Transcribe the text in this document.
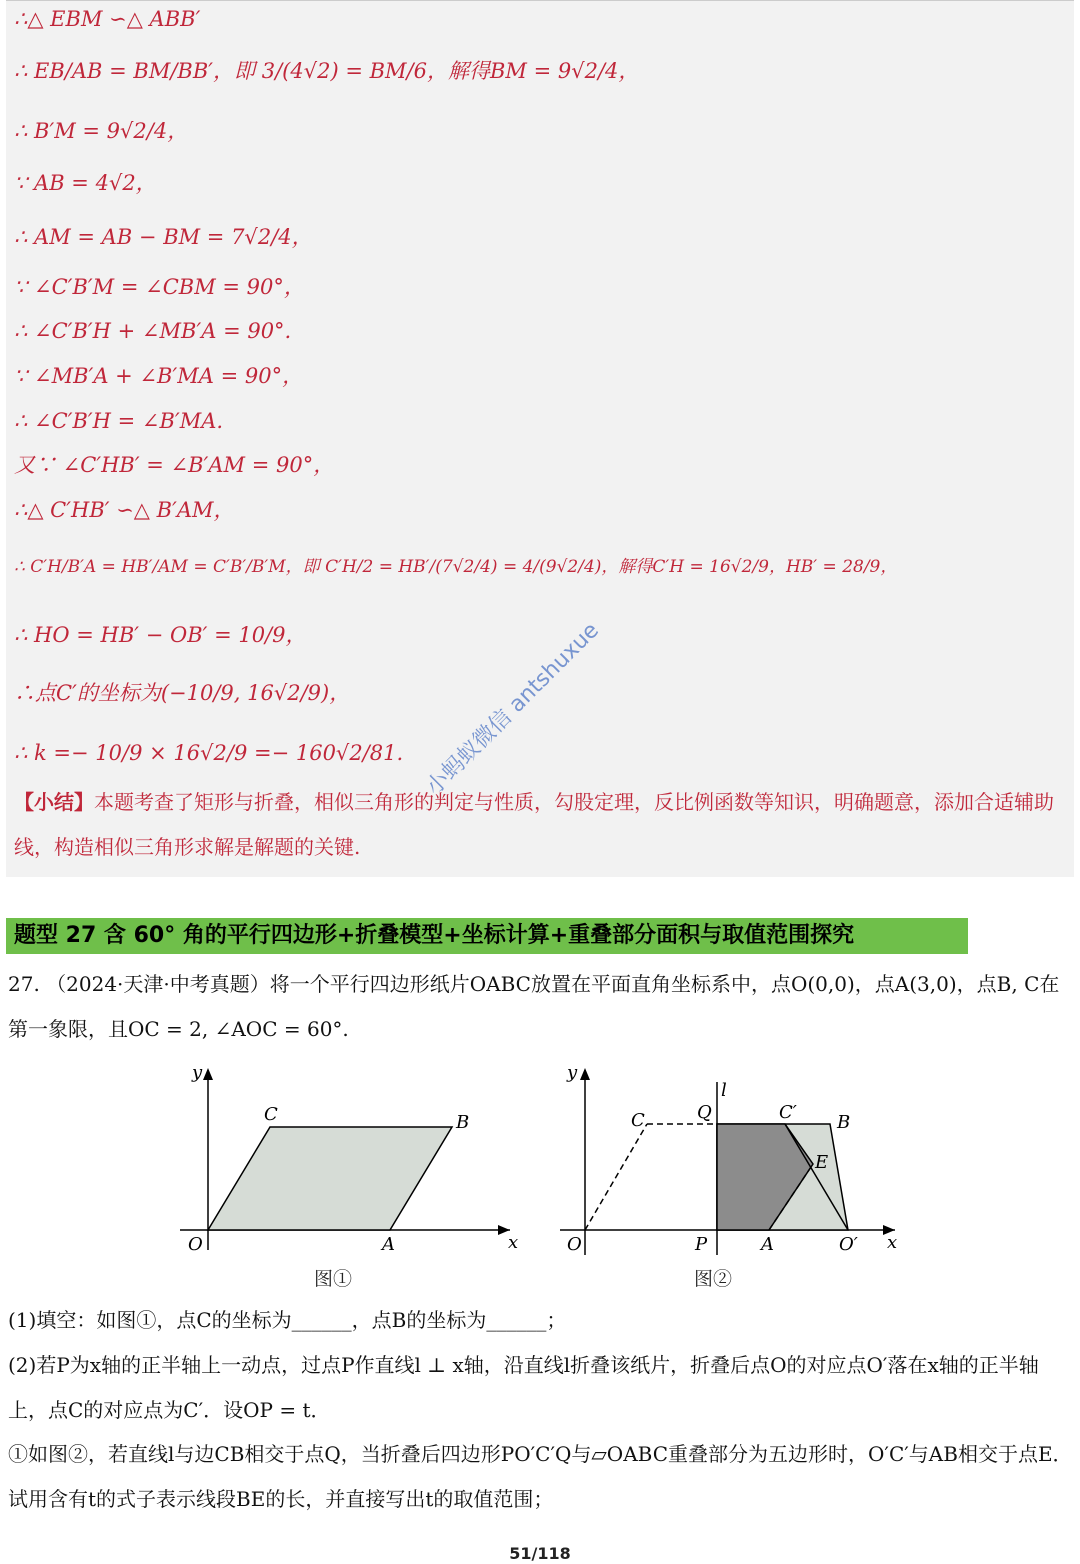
∴△ EBM ∽△ ABB′
∴ EB/AB = BM/BB′，即 3/(4√2) = BM/6，解得BM = 9√2/4，
∴ B′M = 9√2/4，
∵ AB = 4√2，
∴ AM = AB − BM = 7√2/4，
∵ ∠C′B′M = ∠CBM = 90°，
∴ ∠C′B′H + ∠MB′A = 90°.
∵ ∠MB′A + ∠B′MA = 90°，
∴ ∠C′B′H = ∠B′MA.
又∵ ∠C′HB′ = ∠B′AM = 90°，
∴△ C′HB′ ∽△ B′AM，
∴ C′H/B′A = HB′/AM = C′B′/B′M，即 C′H/2 = HB′/(7√2/4) = 4/(9√2/4)，解得C′H = 16√2/9，HB′ = 28/9，
∴ HO = HB′ − OB′ = 10/9，
∴点C′的坐标为(−10/9, 16√2/9)，
∴ k =− 10/9 × 16√2/9 =− 160√2/81.
【小结】本题考查了矩形与折叠，相似三角形的判定与性质，勾股定理，反比例函数等知识，明确题意，添加合适辅助线，构造相似三角形求解是解题的关键.
小蚂蚁微信 antshuxue
题型 27 含 60° 角的平行四边形+折叠模型+坐标计算+重叠部分面积与取值范围探究
27. （2024·天津·中考真题）将一个平行四边形纸片OABC放置在平面直角坐标系中，点O(0,0)，点A(3,0)，点B, C在第一象限，且OC = 2, ∠AOC = 60°.
y
x
O	A
B
C
图①
y
x
l
O	P	A	O′
Q
C	C′ B
E
图②
(1)填空：如图①，点C的坐标为______，点B的坐标为______；
(2)若P为x轴的正半轴上一动点，过点P作直线l ⊥ x轴，沿直线l折叠该纸片，折叠后点O的对应点O′落在x轴的正半轴上，点C的对应点为C′．设OP = t．
①如图②，若直线l与边CB相交于点Q，当折叠后四边形PO′C′Q与▱OABC重叠部分为五边形时，O′C′与AB相交于点E．试用含有t的式子表示线段BE的长，并直接写出t的取值范围；
51/118
